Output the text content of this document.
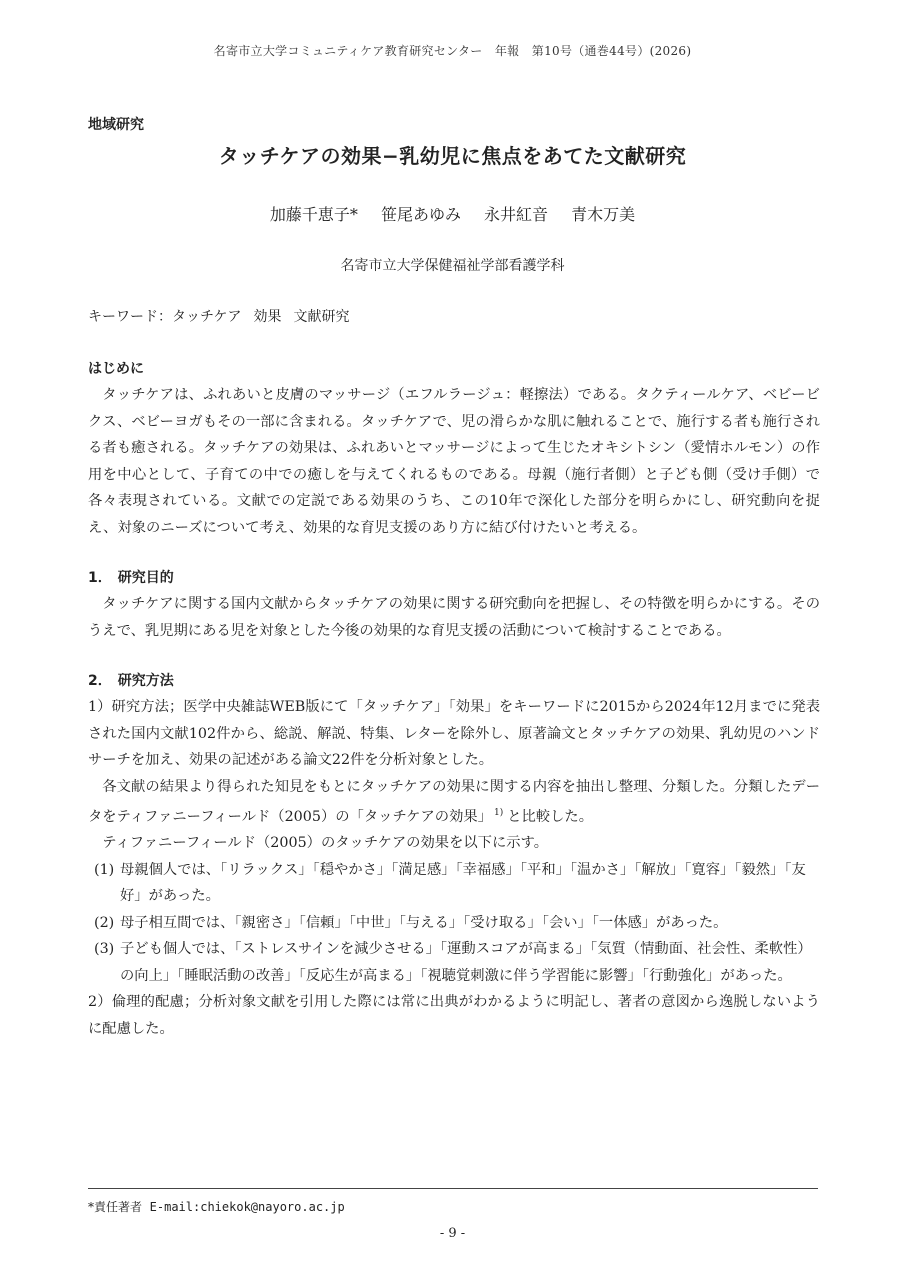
名寄市立大学コミュニティケア教育研究センター　年報　第10号（通巻44号）(2026)
地域研究
タッチケアの効果−乳幼児に焦点をあてた文献研究
加藤千恵子* 笹尾あゆみ 永井紅音 青木万美
名寄市立大学保健福祉学部看護学科
キーワード：タッチケア 効果 文献研究
はじめに

タッチケアは、ふれあいと皮膚のマッサージ（エフルラージュ：軽擦法）である。タクティールケア、ベビービクス、ベビーヨガもその一部に含まれる。タッチケアで、児の滑らかな肌に触れることで、施行する者も施行される者も癒される。タッチケアの効果は、ふれあいとマッサージによって生じたオキシトシン（愛情ホルモン）の作用を中心として、子育ての中での癒しを与えてくれるものである。母親（施行者側）と子ども側（受け手側）で各々表現されている。文献での定説である効果のうち、この10年で深化した部分を明らかにし、研究動向を捉え、対象のニーズについて考え、効果的な育児支援のあり方に結び付けたいと考える。

1． 研究目的

タッチケアに関する国内文献からタッチケアの効果に関する研究動向を把握し、その特徴を明らかにする。そのうえで、乳児期にある児を対象とした今後の効果的な育児支援の活動について検討することである。

2． 研究方法

1）研究方法；医学中央雑誌WEB版にて「タッチケア」「効果」をキーワードに2015から2024年12月までに発表された国内文献102件から、総説、解説、特集、レターを除外し、原著論文とタッチケアの効果、乳幼児のハンドサーチを加え、効果の記述がある論文22件を分析対象とした。

各文献の結果より得られた知見をもとにタッチケアの効果に関する内容を抽出し整理、分類した。分類したデータをティファニーフィールド（2005）の「タッチケアの効果」 $^{1)}$ と比較した。

ティファニーフィールド（2005）のタッチケアの効果を以下に示す。

(1) 母親個人では、「リラックス」「穏やかさ」「満足感」「幸福感」「平和」「温かさ」「解放」「寛容」「毅然」「友好」があった。
(2) 母子相互間では、「親密さ」「信頼」「中世」「与える」「受け取る」「会い」「一体感」があった。
(3) 子ども個人では、「ストレスサインを減少させる」「運動スコアが高まる」「気質（情動面、社会性、柔軟性）の向上」「睡眠活動の改善」「反応生が高まる」「視聴覚刺激に伴う学習能に影響」「行動強化」があった。

2）倫理的配慮；分析対象文献を引用した際には常に出典がわかるように明記し、著者の意図から逸脱しないように配慮した。

*責任著者 E-mail:chiekok@nayoro.ac.jp
- 9 -
